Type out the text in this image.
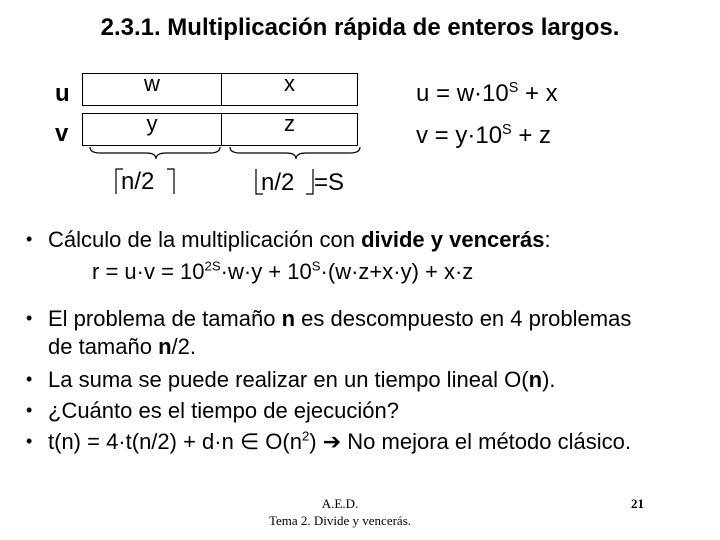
2.3.1. Multiplicación rápida de enteros largos.
u
v
w	x
y	z
n/2	n/2 =S
$u = w\cdot 10^S + x$
$v = y\cdot 10^S + z$
• Cálculo de la multiplicación con divide y vencerás:
$r = u\cdot v = 10^{2S}\cdot w\cdot y + 10^S\cdot(w\cdot z+x\cdot y) + x\cdot z$
• El problema de tamaño n es descompuesto en 4 problemas
de tamaño n/2.
• La suma se puede realizar en un tiempo lineal O(n).
• ¿Cuánto es el tiempo de ejecución?
• t(n) = 4·t(n/2) + d·n ∈ $O(n^2)$ ➔ No mejora el método clásico.
A.E.D.
Tema 2. Divide y vencerás.
21
